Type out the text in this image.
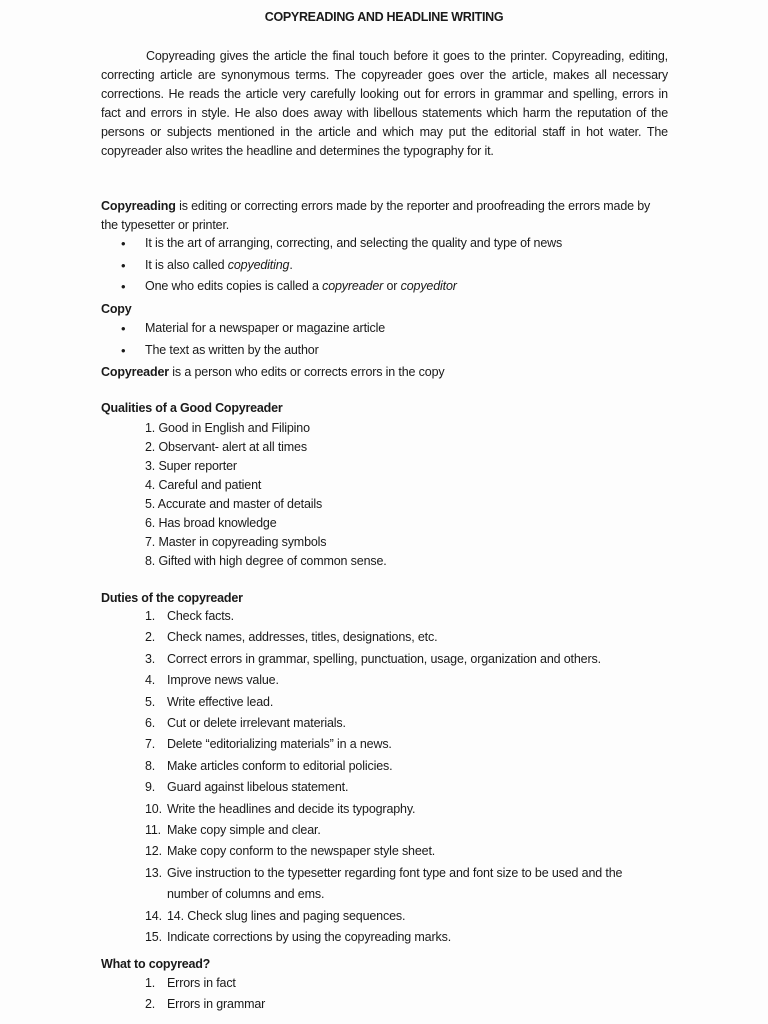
COPYREADING AND HEADLINE WRITING
Copyreading gives the article the final touch before it goes to the printer. Copyreading, editing, correcting article are synonymous terms. The copyreader goes over the article, makes all necessary corrections. He reads the article very carefully looking out for errors in grammar and spelling, errors in fact and errors in style. He also does away with libellous statements which harm the reputation of the persons or subjects mentioned in the article and which may put the editorial staff in hot water. The copyreader also writes the headline and determines the typography for it.
Copyreading is editing or correcting errors made by the reporter and proofreading the errors made by the typesetter or printer.
• It is the art of arranging, correcting, and selecting the quality and type of news
• It is also called copyediting.
• One who edits copies is called a copyreader or copyeditor
Copy
• Material for a newspaper or magazine article
• The text as written by the author
Copyreader is a person who edits or corrects errors in the copy
Qualities of a Good Copyreader
1. Good in English and Filipino
2. Observant- alert at all times
3. Super reporter
4. Careful and patient
5. Accurate and master of details
6. Has broad knowledge
7. Master in copyreading symbols
8. Gifted with high degree of common sense.
Duties of the copyreader
1. Check facts.
2. Check names, addresses, titles, designations, etc.
3. Correct errors in grammar, spelling, punctuation, usage, organization and others.
4. Improve news value.
5. Write effective lead.
6. Cut or delete irrelevant materials.
7. Delete “editorializing materials” in a news.
8. Make articles conform to editorial policies.
9. Guard against libelous statement.
10. Write the headlines and decide its typography.
11. Make copy simple and clear.
12. Make copy conform to the newspaper style sheet.
13. Give instruction to the typesetter regarding font type and font size to be used and the number of columns and ems.
14. 14. Check slug lines and paging sequences.
15. Indicate corrections by using the copyreading marks.
What to copyread?
1. Errors in fact
2. Errors in grammar
